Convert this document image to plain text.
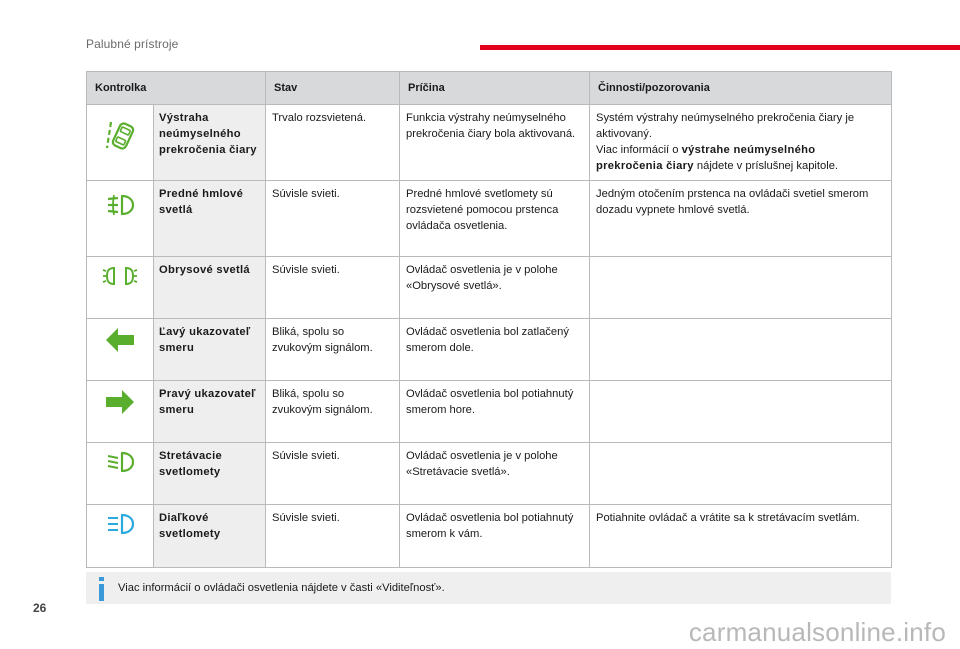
Palubné prístroje
Kontrolka		Stav	Príčina	Činnosti/pozorovania

	Výstraha neúmyselného prekročenia čiary	Trvalo rozsvietená.	Funkcia výstrahy neúmyselného prekročenia čiary bola aktivovaná.	Systém výstrahy neúmyselného prekročenia čiary je aktivovaný.
Viac informácií o výstrahe neúmyselného prekročenia čiary nájdete v príslušnej kapitole.

	Predné hmlové svetlá	Súvisle svieti.	Predné hmlové svetlomety sú rozsvietené pomocou prstenca ovládača osvetlenia.	Jedným otočením prstenca na ovládači svetiel smerom dozadu vypnete hmlové svetlá.

	Obrysové svetlá	Súvisle svieti.	Ovládač osvetlenia je v polohe «Obrysové svetlá».	

	Ľavý ukazovateľ smeru	Bliká, spolu so zvukovým signálom.	Ovládač osvetlenia bol zatlačený smerom dole.	

	Pravý ukazovateľ smeru	Bliká, spolu so zvukovým signálom.	Ovládač osvetlenia bol potiahnutý smerom hore.	

	Stretávacie svetlomety	Súvisle svieti.	Ovládač osvetlenia je v polohe «Stretávacie svetlá».	

	Diaľkové svetlomety	Súvisle svieti.	Ovládač osvetlenia bol potiahnutý smerom k vám.	Potiahnite ovládač a vrátite sa k stretávacím svetlám.
Viac informácií o ovládači osvetlenia nájdete v časti «Viditeľnosť».
26
carmanualsonline.info
